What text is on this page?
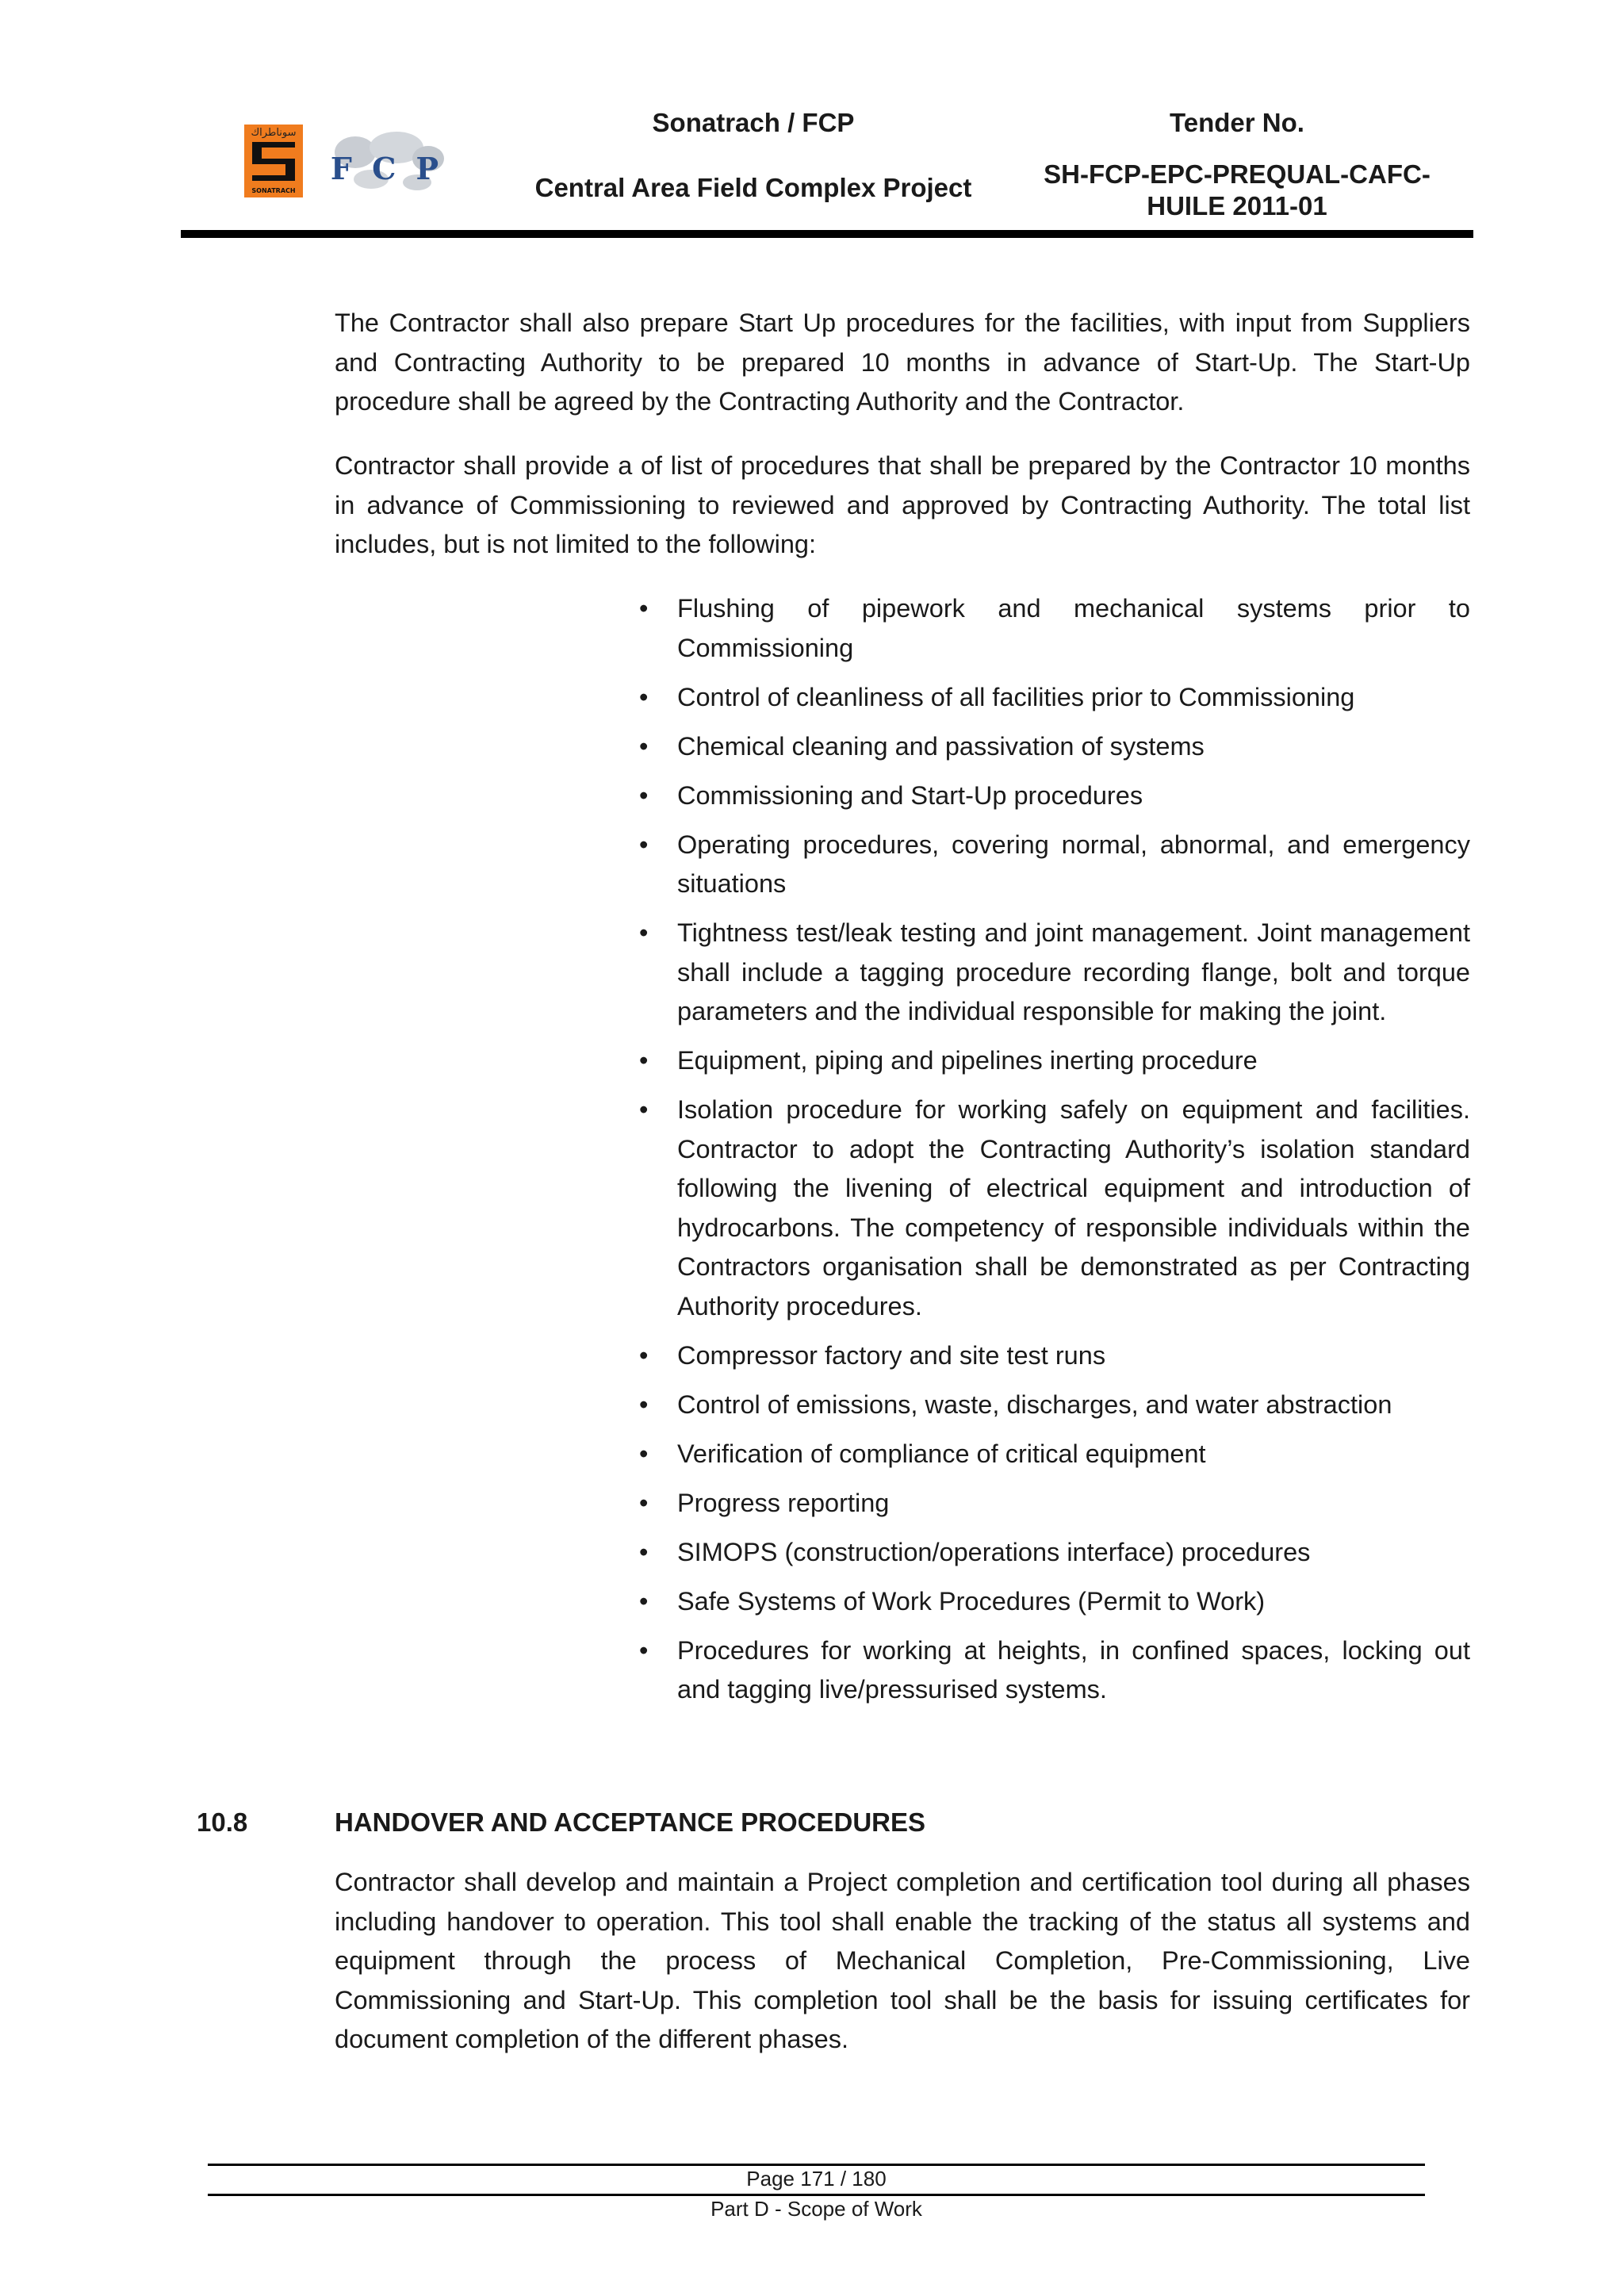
سوناطراك
SONATRACH
F C P
Sonatrach / FCP
Central Area Field Complex Project
Tender No.
SH-FCP-EPC-PREQUAL-CAFC-HUILE 2011-01

The Contractor shall also prepare Start Up procedures for the facilities, with input from Suppliers and Contracting Authority to be prepared 10 months in advance of Start-Up. The Start-Up procedure shall be agreed by the Contracting Authority and the Contractor.

Contractor shall provide a of list of procedures that shall be prepared by the Contractor 10 months in advance of Commissioning to reviewed and approved by Contracting Authority. The total list includes, but is not limited to the following:

• Flushing of pipework and mechanical systems prior to Commissioning
• Control of cleanliness of all facilities prior to Commissioning
• Chemical cleaning and passivation of systems
• Commissioning and Start-Up procedures
• Operating procedures, covering normal, abnormal, and emergency situations
• Tightness test/leak testing and joint management. Joint management shall include a tagging procedure recording flange, bolt and torque parameters and the individual responsible for making the joint.
• Equipment, piping and pipelines inerting procedure
• Isolation procedure for working safely on equipment and facilities. Contractor to adopt the Contracting Authority’s isolation standard following the livening of electrical equipment and introduction of hydrocarbons. The competency of responsible individuals within the Contractors organisation shall be demonstrated as per Contracting Authority procedures.
• Compressor factory and site test runs
• Control of emissions, waste, discharges, and water abstraction
• Verification of compliance of critical equipment
• Progress reporting
• SIMOPS (construction/operations interface) procedures
• Safe Systems of Work Procedures (Permit to Work)
• Procedures for working at heights, in confined spaces, locking out and tagging live/pressurised systems.
10.8	HANDOVER AND ACCEPTANCE PROCEDURES

Contractor shall develop and maintain a Project completion and certification tool during all phases including handover to operation. This tool shall enable the tracking of the status all systems and equipment through the process of Mechanical Completion, Pre-Commissioning, Live Commissioning and Start-Up. This completion tool shall be the basis for issuing certificates for document completion of the different phases.

Page 171 / 180
Part D - Scope of Work
